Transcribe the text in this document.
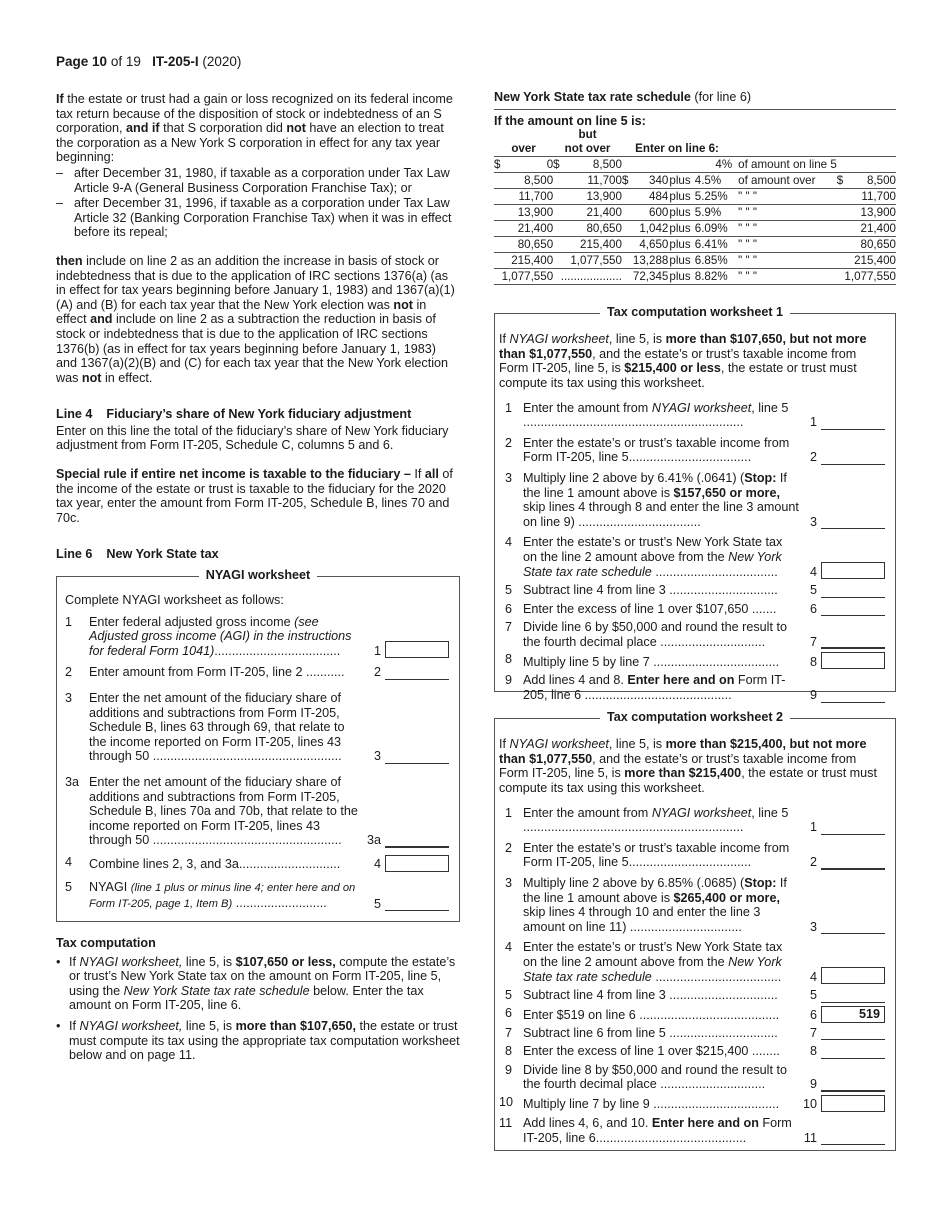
Page 10 of 19 IT-205-I (2020)

If the estate or trust had a gain or loss recognized on its federal income tax return because of the disposition of stock or indebtedness of an S corporation, and if that S corporation did not have an election to treat the corporation as a New York S corporation in effect for any tax year beginning:

– after December 31, 1980, if taxable as a corporation under Tax Law Article 9-A (General Business Corporation Franchise Tax); or
– after December 31, 1996, if taxable as a corporation under Tax Law Article 32 (Banking Corporation Franchise Tax) when it was in effect before its repeal;

then include on line 2 as an addition the increase in basis of stock or indebtedness that is due to the application of IRC sections 1376(a) (as in effect for tax years beginning before January 1, 1983) and 1367(a)(1)(A) and (B) for each tax year that the New York election was not in effect and include on line 2 as a subtraction the reduction in basis of stock or indebtedness that is due to the application of IRC sections 1376(b) (as in effect for tax years beginning before January 1, 1983) and 1367(a)(2)(B) and (C) for each tax year that the New York election was not in effect.

Line 4 Fiduciary’s share of New York fiduciary adjustment

Enter on this line the total of the fiduciary’s share of New York fiduciary adjustment from Form IT-205, Schedule C, columns 5 and 6.

Special rule if entire net income is taxable to the fiduciary – If all of the income of the estate or trust is taxable to the fiduciary for the 2020 tax year, enter the amount from Form IT-205, Schedule B, lines 70 and 70c.

Line 6 New York State tax
NYAGI worksheet

Complete NYAGI worksheet as follows:

1	Enter federal adjusted gross income (see Adjusted gross income (AGI) in the instructions for federal Form 1041)....................................	1
2	Enter amount from Form IT-205, line 2 ...........	2
3	Enter the net amount of the fiduciary share of additions and subtractions from Form IT-205, Schedule B, lines 63 through 69, that relate to the income reported on Form IT-205, lines 43 through 50 ......................................................	3
3a Enter the net amount of the fiduciary share of additions and subtractions from Form IT-205, Schedule B, lines 70a and 70b, that relate to the income reported on Form IT-205, lines 43 through 50 ......................................................	3a
4	Combine lines 2, 3, and 3a.............................	4
5	NYAGI (line 1 plus or minus line 4; enter here and on Form IT-205, page 1, Item B) ..........................	5
Tax computation
• If NYAGI worksheet, line 5, is $107,650 or less, compute the estate’s or trust’s New York State tax on the amount on Form IT-205, line 5, using the New York State tax rate schedule below. Enter the tax amount on Form IT-205, line 6.
• If NYAGI worksheet, line 5, is more than $107,650, the estate or trust must compute its tax using the appropriate tax computation worksheet below and on page 11.
New York State tax rate schedule (for line 6)
If the amount on line 5 is:
over		but
not over		Enter on line 6:						
$	0	$	8,500				4%	of amount on line 5		
	8,500		11,700	$	340	plus	4.5%	of amount over	$	8,500
	11,700		13,900		484	plus	5.25%	" " "		11,700
	13,900		21,400		600	plus	5.9%	" " "		13,900
	21,400		80,650		1,042	plus	6.09%	" " "		21,400
	80,650		215,400		4,650	plus	6.41%	" " "		80,650
	215,400		1,077,550		13,288	plus	6.85%	" " "		215,400
	1,077,550		...................		72,345	plus	8.82%	" " "		1,077,550
Tax computation worksheet 1

If NYAGI worksheet, line 5, is more than $107,650, but not more than $1,077,550, and the estate’s or trust’s taxable income from Form IT-205, line 5, is $215,400 or less, the estate or trust must compute its tax using this worksheet.

1 Enter the amount from NYAGI worksheet, line 5 ...............................................................	1
2 Enter the estate’s or trust’s taxable income from Form IT-205, line 5...................................	2
3 Multiply line 2 above by 6.41% (.0641) (Stop: If the line 1 amount above is $157,650 or more, skip lines 4 through 8 and enter the line 3 amount on line 9) ...................................	3
4 Enter the estate’s or trust’s New York State tax on the line 2 amount above from the New York State tax rate schedule ...................................	4
5 Subtract line 4 from line 3 ...............................	5
6 Enter the excess of line 1 over $107,650 .......	6
7 Divide line 6 by $50,000 and round the result to the fourth decimal place ..............................	7
8 Multiply line 5 by line 7 ....................................	8
9 Add lines 4 and 8. Enter here and on Form IT-205, line 6 ..........................................	9
Tax computation worksheet 2

If NYAGI worksheet, line 5, is more than $215,400, but not more than $1,077,550, and the estate’s or trust’s taxable income from Form IT-205, line 5, is more than $215,400, the estate or trust must compute its tax using this worksheet.

1 Enter the amount from NYAGI worksheet, line 5 ...............................................................	1
2 Enter the estate’s or trust’s taxable income from Form IT-205, line 5...................................	2
3 Multiply line 2 above by 6.85% (.0685) (Stop: If the line 1 amount above is $265,400 or more, skip lines 4 through 10 and enter the line 3 amount on line 11) ................................	3
4 Enter the estate’s or trust’s New York State tax on the line 2 amount above from the New York State tax rate schedule ....................................	4
5 Subtract line 4 from line 3 ...............................	5
6 Enter $519 on line 6 ........................................	6	519
7 Subtract line 6 from line 5 ...............................	7
8 Enter the excess of line 1 over $215,400 ........	8
9 Divide line 8 by $50,000 and round the result to the fourth decimal place ..............................	9
10 Multiply line 7 by line 9 ....................................	10
11 Add lines 4, 6, and 10. Enter here and on Form IT-205, line 6...........................................	11
